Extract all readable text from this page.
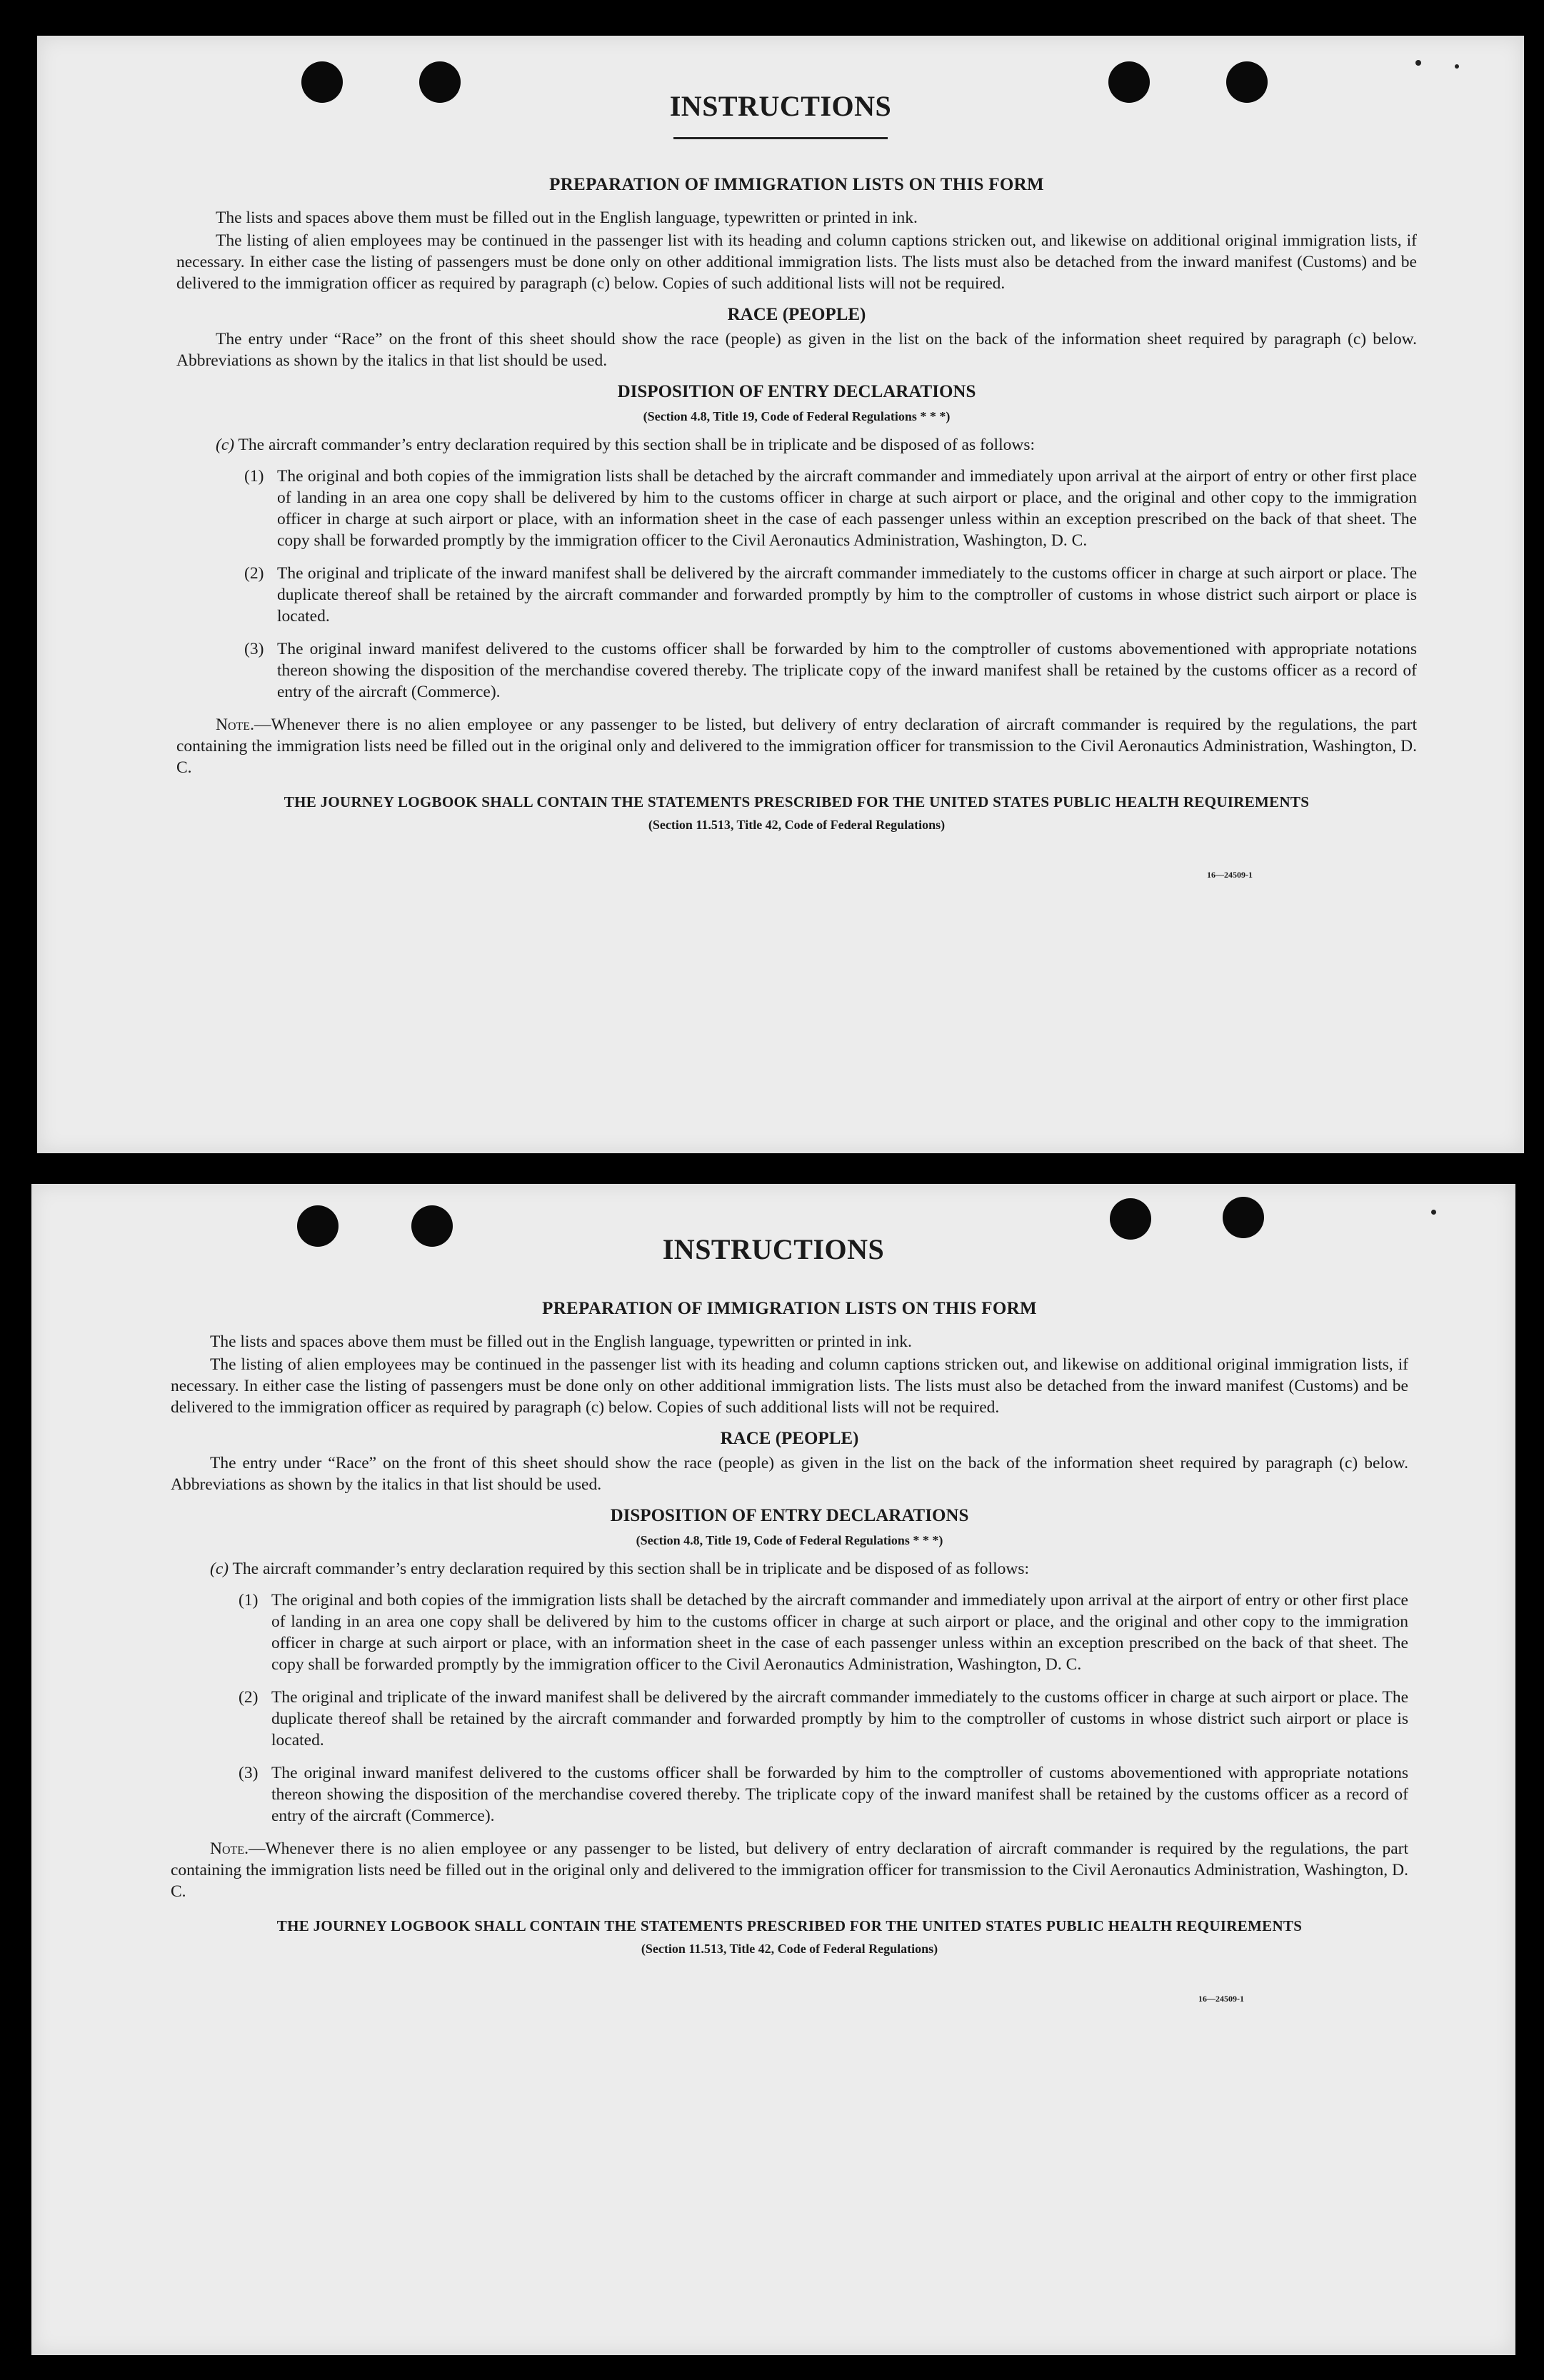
INSTRUCTIONS
PREPARATION OF IMMIGRATION LISTS ON THIS FORM

The lists and spaces above them must be filled out in the English language, typewritten or printed in ink.

The listing of alien employees may be continued in the passenger list with its heading and column captions stricken out, and likewise on additional original immigration lists, if necessary. In either case the listing of passengers must be done only on other additional immigration lists. The lists must also be detached from the inward manifest (Customs) and be delivered to the immigration officer as required by paragraph (c) below. Copies of such additional lists will not be required.

RACE (PEOPLE)

The entry under “Race” on the front of this sheet should show the race (people) as given in the list on the back of the information sheet required by paragraph (c) below. Abbreviations as shown by the italics in that list should be used.

DISPOSITION OF ENTRY DECLARATIONS
(Section 4.8, Title 19, Code of Federal Regulations * * *)
(c) The aircraft commander’s entry declaration required by this section shall be in triplicate and be disposed of as follows:
(1) The original and both copies of the immigration lists shall be detached by the aircraft commander and immediately upon arrival at the airport of entry or other first place of landing in an area one copy shall be delivered by him to the customs officer in charge at such airport or place, and the original and other copy to the immigration officer in charge at such airport or place, with an information sheet in the case of each passenger unless within an exception prescribed on the back of that sheet. The copy shall be forwarded promptly by the immigration officer to the Civil Aeronautics Administration, Washington, D. C.
(2) The original and triplicate of the inward manifest shall be delivered by the aircraft commander immediately to the customs officer in charge at such airport or place. The duplicate thereof shall be retained by the aircraft commander and forwarded promptly by him to the comptroller of customs in whose district such airport or place is located.
(3) The original inward manifest delivered to the customs officer shall be forwarded by him to the comptroller of customs abovementioned with appropriate notations thereon showing the disposition of the merchandise covered thereby. The triplicate copy of the inward manifest shall be retained by the customs officer as a record of entry of the aircraft (Commerce).

Note.—Whenever there is no alien employee or any passenger to be listed, but delivery of entry declaration of aircraft commander is required by the regulations, the part containing the immigration lists need be filled out in the original only and delivered to the immigration officer for transmission to the Civil Aeronautics Administration, Washington, D. C.

THE JOURNEY LOGBOOK SHALL CONTAIN THE STATEMENTS PRESCRIBED FOR THE UNITED STATES PUBLIC HEALTH REQUIREMENTS
(Section 11.513, Title 42, Code of Federal Regulations)
16—24509-1
INSTRUCTIONS
PREPARATION OF IMMIGRATION LISTS ON THIS FORM

The lists and spaces above them must be filled out in the English language, typewritten or printed in ink.

The listing of alien employees may be continued in the passenger list with its heading and column captions stricken out, and likewise on additional original immigration lists, if necessary. In either case the listing of passengers must be done only on other additional immigration lists. The lists must also be detached from the inward manifest (Customs) and be delivered to the immigration officer as required by paragraph (c) below. Copies of such additional lists will not be required.

RACE (PEOPLE)

The entry under “Race” on the front of this sheet should show the race (people) as given in the list on the back of the information sheet required by paragraph (c) below. Abbreviations as shown by the italics in that list should be used.

DISPOSITION OF ENTRY DECLARATIONS
(Section 4.8, Title 19, Code of Federal Regulations * * *)
(c) The aircraft commander’s entry declaration required by this section shall be in triplicate and be disposed of as follows:
(1) The original and both copies of the immigration lists shall be detached by the aircraft commander and immediately upon arrival at the airport of entry or other first place of landing in an area one copy shall be delivered by him to the customs officer in charge at such airport or place, and the original and other copy to the immigration officer in charge at such airport or place, with an information sheet in the case of each passenger unless within an exception prescribed on the back of that sheet. The copy shall be forwarded promptly by the immigration officer to the Civil Aeronautics Administration, Washington, D. C.
(2) The original and triplicate of the inward manifest shall be delivered by the aircraft commander immediately to the customs officer in charge at such airport or place. The duplicate thereof shall be retained by the aircraft commander and forwarded promptly by him to the comptroller of customs in whose district such airport or place is located.
(3) The original inward manifest delivered to the customs officer shall be forwarded by him to the comptroller of customs abovementioned with appropriate notations thereon showing the disposition of the merchandise covered thereby. The triplicate copy of the inward manifest shall be retained by the customs officer as a record of entry of the aircraft (Commerce).

Note.—Whenever there is no alien employee or any passenger to be listed, but delivery of entry declaration of aircraft commander is required by the regulations, the part containing the immigration lists need be filled out in the original only and delivered to the immigration officer for transmission to the Civil Aeronautics Administration, Washington, D. C.

THE JOURNEY LOGBOOK SHALL CONTAIN THE STATEMENTS PRESCRIBED FOR THE UNITED STATES PUBLIC HEALTH REQUIREMENTS
(Section 11.513, Title 42, Code of Federal Regulations)
16—24509-1
